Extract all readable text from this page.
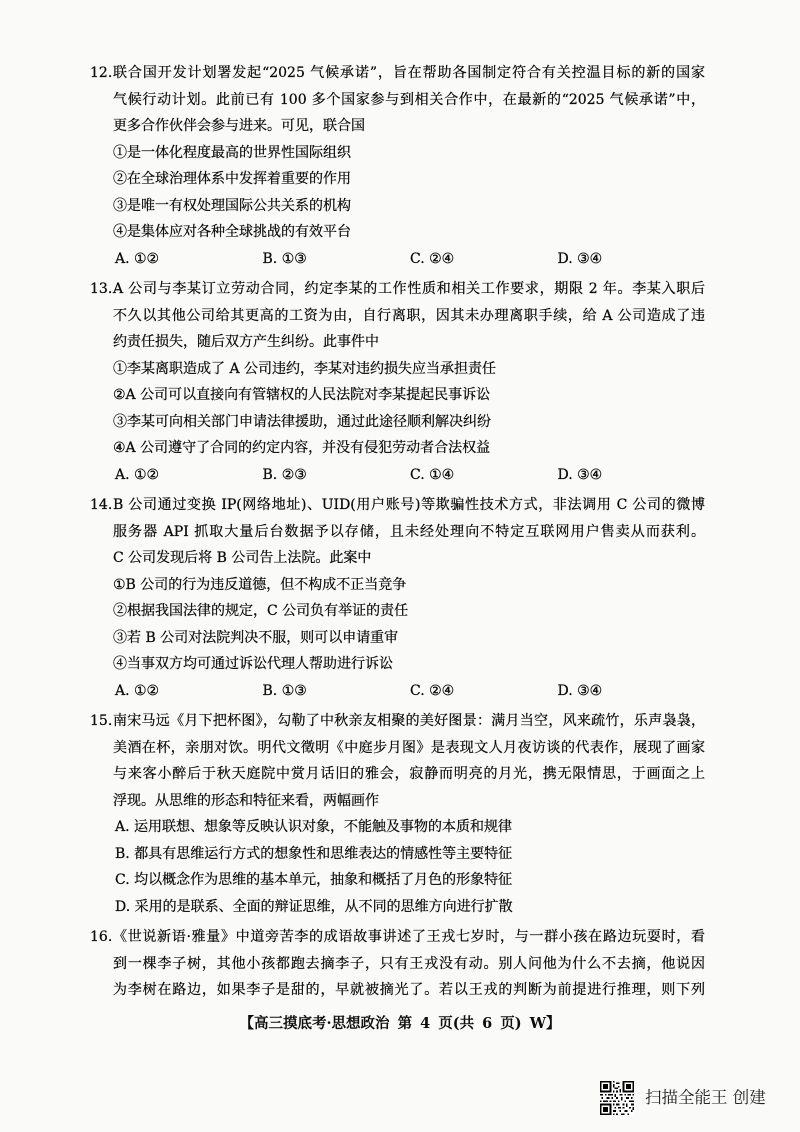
12. 联合国开发计划署发起“2025 气候承诺”，旨在帮助各国制定符合有关控温目标的新的国家
气候行动计划。此前已有 100 多个国家参与到相关合作中，在最新的“2025 气候承诺”中，
更多合作伙伴会参与进来。可见，联合国
①是一体化程度最高的世界性国际组织
②在全球治理体系中发挥着重要的作用
③是唯一有权处理国际公共关系的机构
④是集体应对各种全球挑战的有效平台
A. ①②	B. ①③	C. ②④	D. ③④
13. A 公司与李某订立劳动合同，约定李某的工作性质和相关工作要求，期限 2 年。李某入职后
不久以其他公司给其更高的工资为由，自行离职，因其未办理离职手续，给 A 公司造成了违
约责任损失，随后双方产生纠纷。此事件中
①李某离职造成了 A 公司违约，李某对违约损失应当承担责任
②A 公司可以直接向有管辖权的人民法院对李某提起民事诉讼
③李某可向相关部门申请法律援助，通过此途径顺利解决纠纷
④A 公司遵守了合同的约定内容，并没有侵犯劳动者合法权益
A. ①②	B. ②③	C. ①④	D. ③④
14. B 公司通过变换 IP(网络地址)、UID(用户账号)等欺骗性技术方式，非法调用 C 公司的微博
服务器 API 抓取大量后台数据予以存储，且未经处理向不特定互联网用户售卖从而获利。
C 公司发现后将 B 公司告上法院。此案中
①B 公司的行为违反道德，但不构成不正当竞争
②根据我国法律的规定，C 公司负有举证的责任
③若 B 公司对法院判决不服，则可以申请重审
④当事双方均可通过诉讼代理人帮助进行诉讼
A. ①②	B. ①③	C. ②④	D. ③④
15. 南宋马远《月下把杯图》，勾勒了中秋亲友相聚的美好图景：满月当空，风来疏竹，乐声袅袅，
美酒在杯，亲朋对饮。明代文徵明《中庭步月图》是表现文人月夜访谈的代表作，展现了画家
与来客小醉后于秋天庭院中赏月话旧的雅会，寂静而明亮的月光，携无限情思，于画面之上
浮现。从思维的形态和特征来看，两幅画作
A. 运用联想、想象等反映认识对象，不能触及事物的本质和规律
B. 都具有思维运行方式的想象性和思维表达的情感性等主要特征
C. 均以概念作为思维的基本单元，抽象和概括了月色的形象特征
D. 采用的是联系、全面的辩证思维，从不同的思维方向进行扩散
16. 《世说新语·雅量》中道旁苦李的成语故事讲述了王戎七岁时，与一群小孩在路边玩耍时，看
到一棵李子树，其他小孩都跑去摘李子，只有王戎没有动。别人问他为什么不去摘，他说因
为李树在路边，如果李子是甜的，早就被摘光了。若以王戎的判断为前提进行推理，则下列
【高三摸底考·思想政治 第 4 页(共 6 页) W】
扫描全能王 创建
